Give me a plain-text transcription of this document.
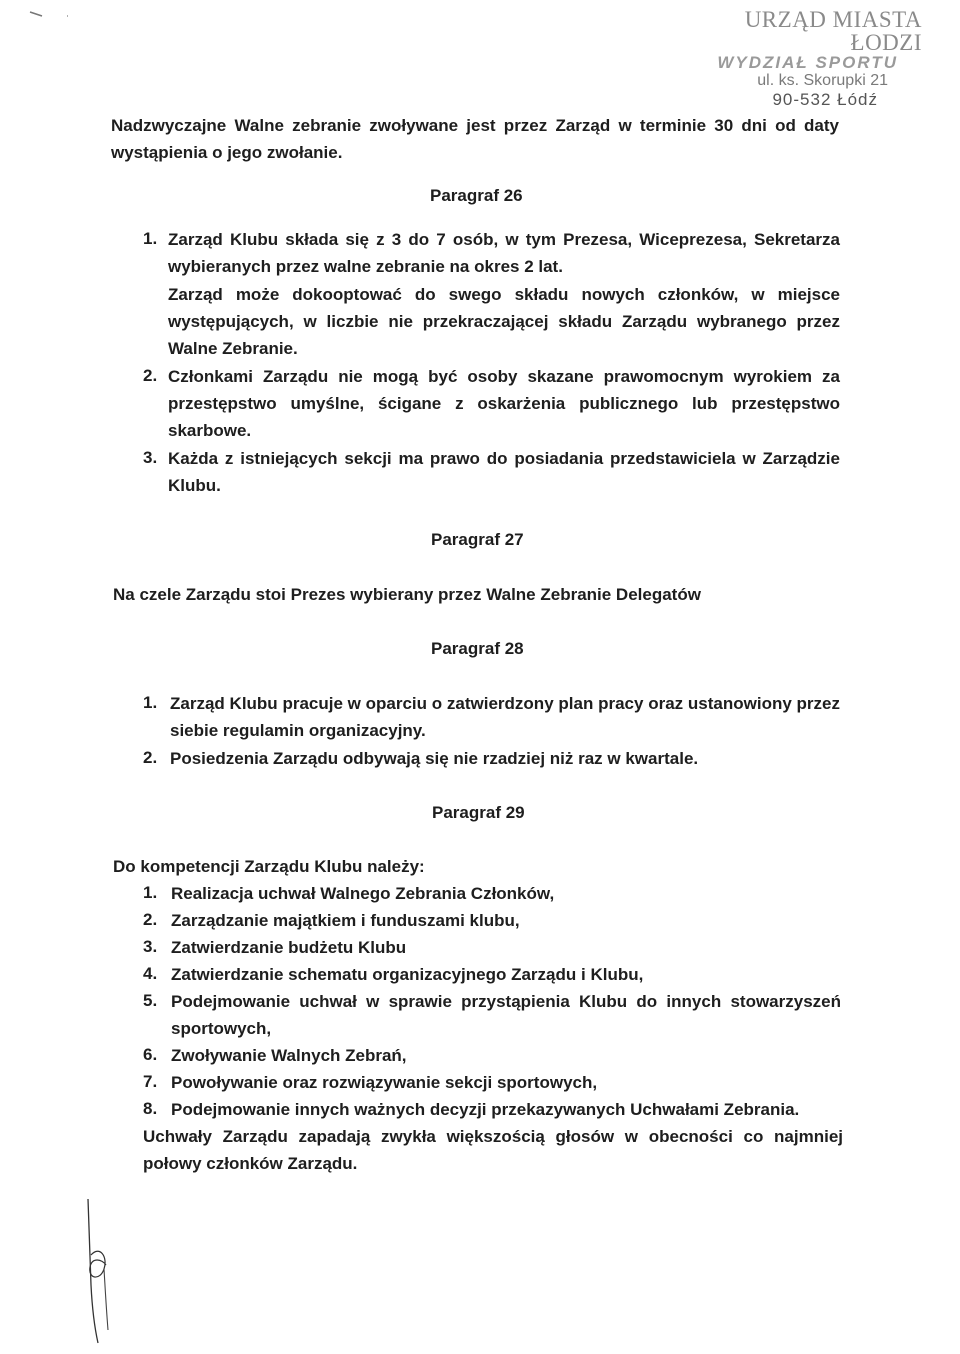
URZĄD MIASTA ŁODZI
WYDZIAŁ SPORTU
ul. ks. Skorupki 21
90-532 Łódź
Nadzwyczajne Walne zebranie zwoływane jest przez Zarząd w terminie 30 dni od daty wystąpienia o jego zwołanie.
Paragraf 26
1. Zarząd Klubu składa się z 3 do 7 osób, w tym Prezesa, Wiceprezesa, Sekretarza wybieranych przez walne zebranie na okres 2 lat.
Zarząd może dokooptować do swego składu nowych członków, w miejsce występujących, w liczbie nie przekraczającej składu Zarządu wybranego przez Walne Zebranie.
2. Członkami Zarządu nie mogą być osoby skazane prawomocnym wyrokiem za przestępstwo umyślne, ścigane z oskarżenia publicznego lub przestępstwo skarbowe.
3. Każda z istniejących sekcji ma prawo do posiadania przedstawiciela w Zarządzie Klubu.
Paragraf 27
Na czele Zarządu stoi Prezes wybierany przez Walne Zebranie Delegatów
Paragraf 28
1. Zarząd Klubu pracuje w oparciu o zatwierdzony plan pracy oraz ustanowiony przez siebie regulamin organizacyjny.
2. Posiedzenia Zarządu odbywają się nie rzadziej niż raz w kwartale.
Paragraf 29
Do kompetencji Zarządu Klubu należy:
1. Realizacja uchwał Walnego Zebrania Członków,
2. Zarządzanie majątkiem i funduszami klubu,
3. Zatwierdzanie budżetu Klubu
4. Zatwierdzanie schematu organizacyjnego Zarządu i Klubu,
5. Podejmowanie uchwał w sprawie przystąpienia Klubu do innych stowarzyszeń sportowych,
6. Zwoływanie Walnych Zebrań,
7. Powoływanie oraz rozwiązywanie sekcji sportowych,
8. Podejmowanie innych ważnych decyzji przekazywanych Uchwałami Zebrania.
Uchwały Zarządu zapadają zwykła większością głosów w obecności co najmniej połowy członków Zarządu.
